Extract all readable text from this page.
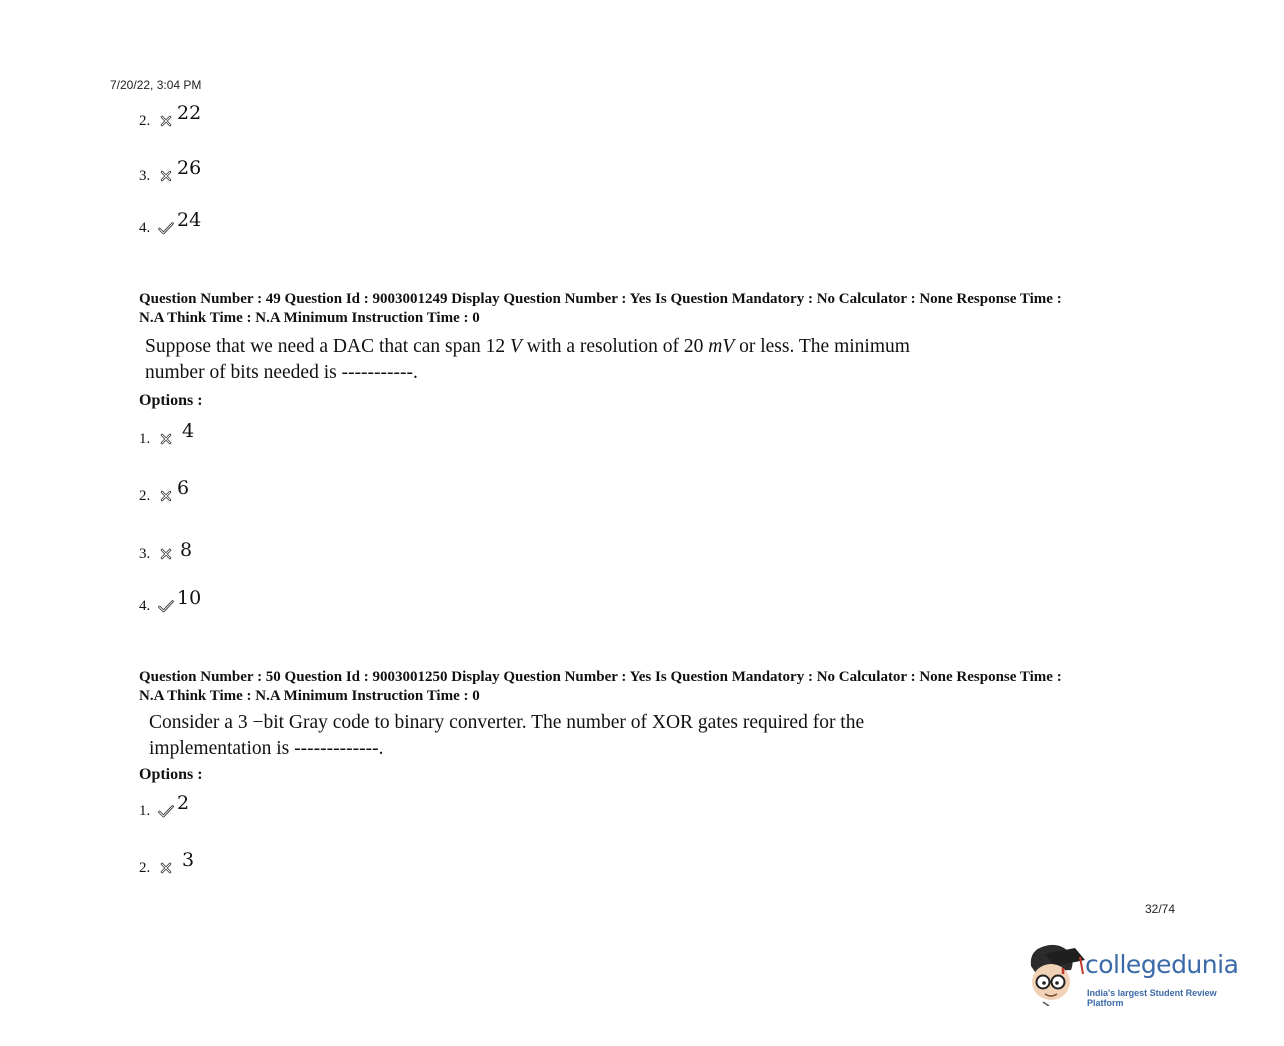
7/20/22, 3:04 PM
2. 22
3. 26
4. 24
Question Number : 49 Question Id : 9003001249 Display Question Number : Yes Is Question Mandatory : No Calculator : None Response Time :
N.A Think Time : N.A Minimum Instruction Time : 0
Suppose that we need a DAC that can span 12 V with a resolution of 20 mV or less. The minimum
number of bits needed is -----------.
Options :
1. 4
2. 6
3. 8
4. 10
Question Number : 50 Question Id : 9003001250 Display Question Number : Yes Is Question Mandatory : No Calculator : None Response Time :
N.A Think Time : N.A Minimum Instruction Time : 0
Consider a 3 −bit Gray code to binary converter. The number of XOR gates required for the
implementation is -------------.
Options :
1. 2
2. 3
32/74
collegedunia
India's largest Student Review Platform
